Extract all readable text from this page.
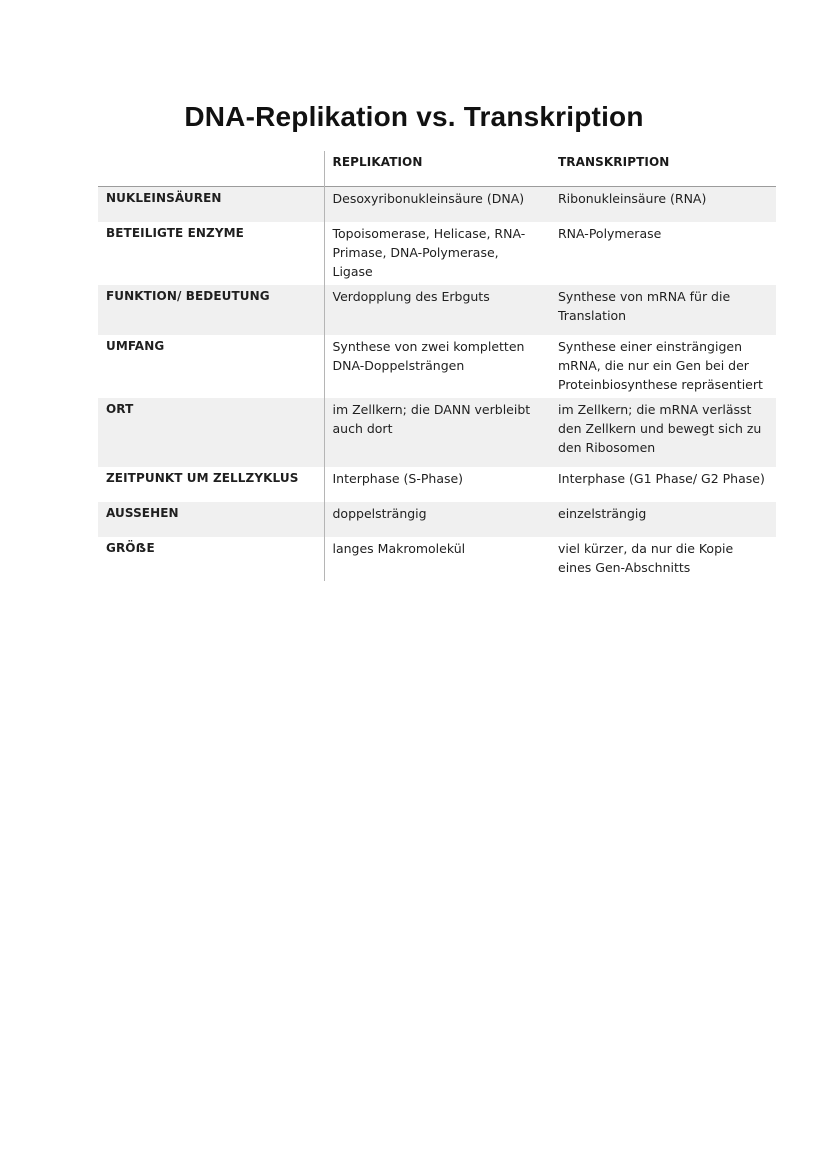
DNA-Replikation vs. Transkription
	REPLIKATION	TRANSKRIPTION
NUKLEINSÄUREN	Desoxyribonukleinsäure (DNA)	Ribonukleinsäure (RNA)
BETEILIGTE ENZYME	Topoisomerase, Helicase, RNA-Primase, DNA-Polymerase, Ligase	RNA-Polymerase
FUNKTION/ BEDEUTUNG	Verdopplung des Erbguts	Synthese von mRNA für die Translation
UMFANG	Synthese von zwei kompletten DNA-Doppelsträngen	Synthese einer einsträngigen mRNA, die nur ein Gen bei der Proteinbiosynthese repräsentiert
ORT	im Zellkern; die DANN verbleibt auch dort	im Zellkern; die mRNA verlässt den Zellkern und bewegt sich zu den Ribosomen
ZEITPUNKT UM ZELLZYKLUS	Interphase (S-Phase)	Interphase (G1 Phase/ G2 Phase)
AUSSEHEN	doppelsträngig	einzelsträngig
GRÖẞE	langes Makromolekül	viel kürzer, da nur die Kopie eines Gen-Abschnitts
